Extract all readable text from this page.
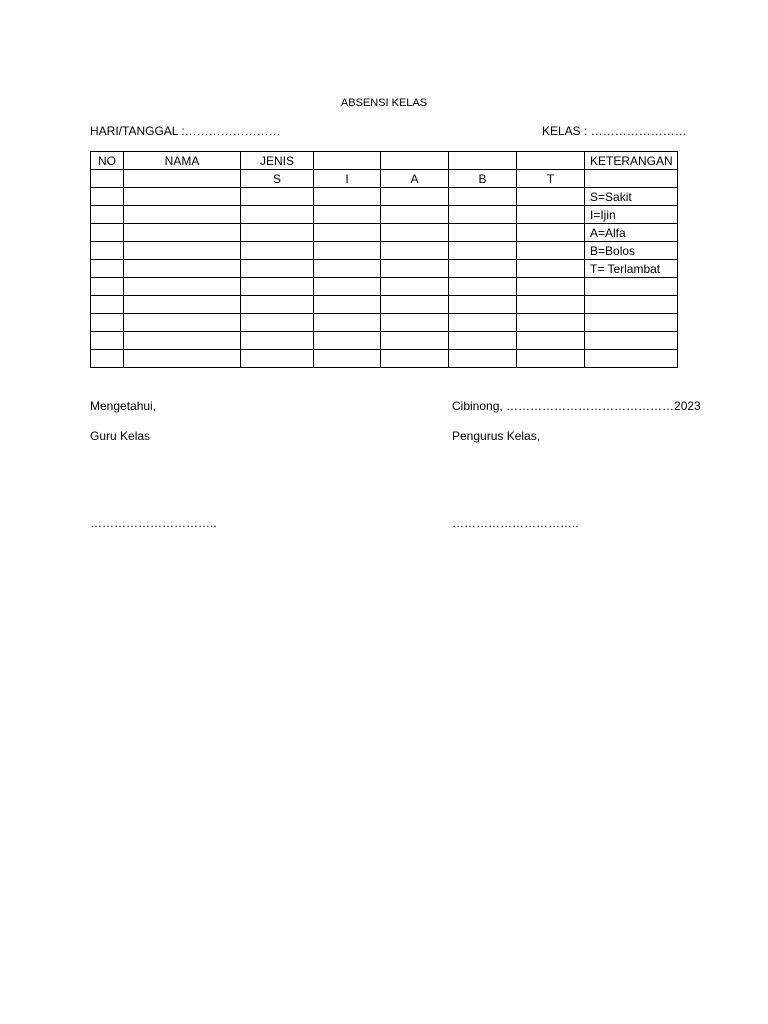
ABSENSI KELAS
HARI/TANGGAL :……………………	KELAS : ……………………
NO	NAMA	JENIS					KETERANGAN
		S	I	A	B	T	
							S=Sakit
							I=Ijin
							A=Alfa
							B=Bolos
							T= Terlambat

Mengetahui,
Guru Kelas
Cibinong, ……………………………………2023
Pengurus Kelas,
…………………………..	…………………………..
